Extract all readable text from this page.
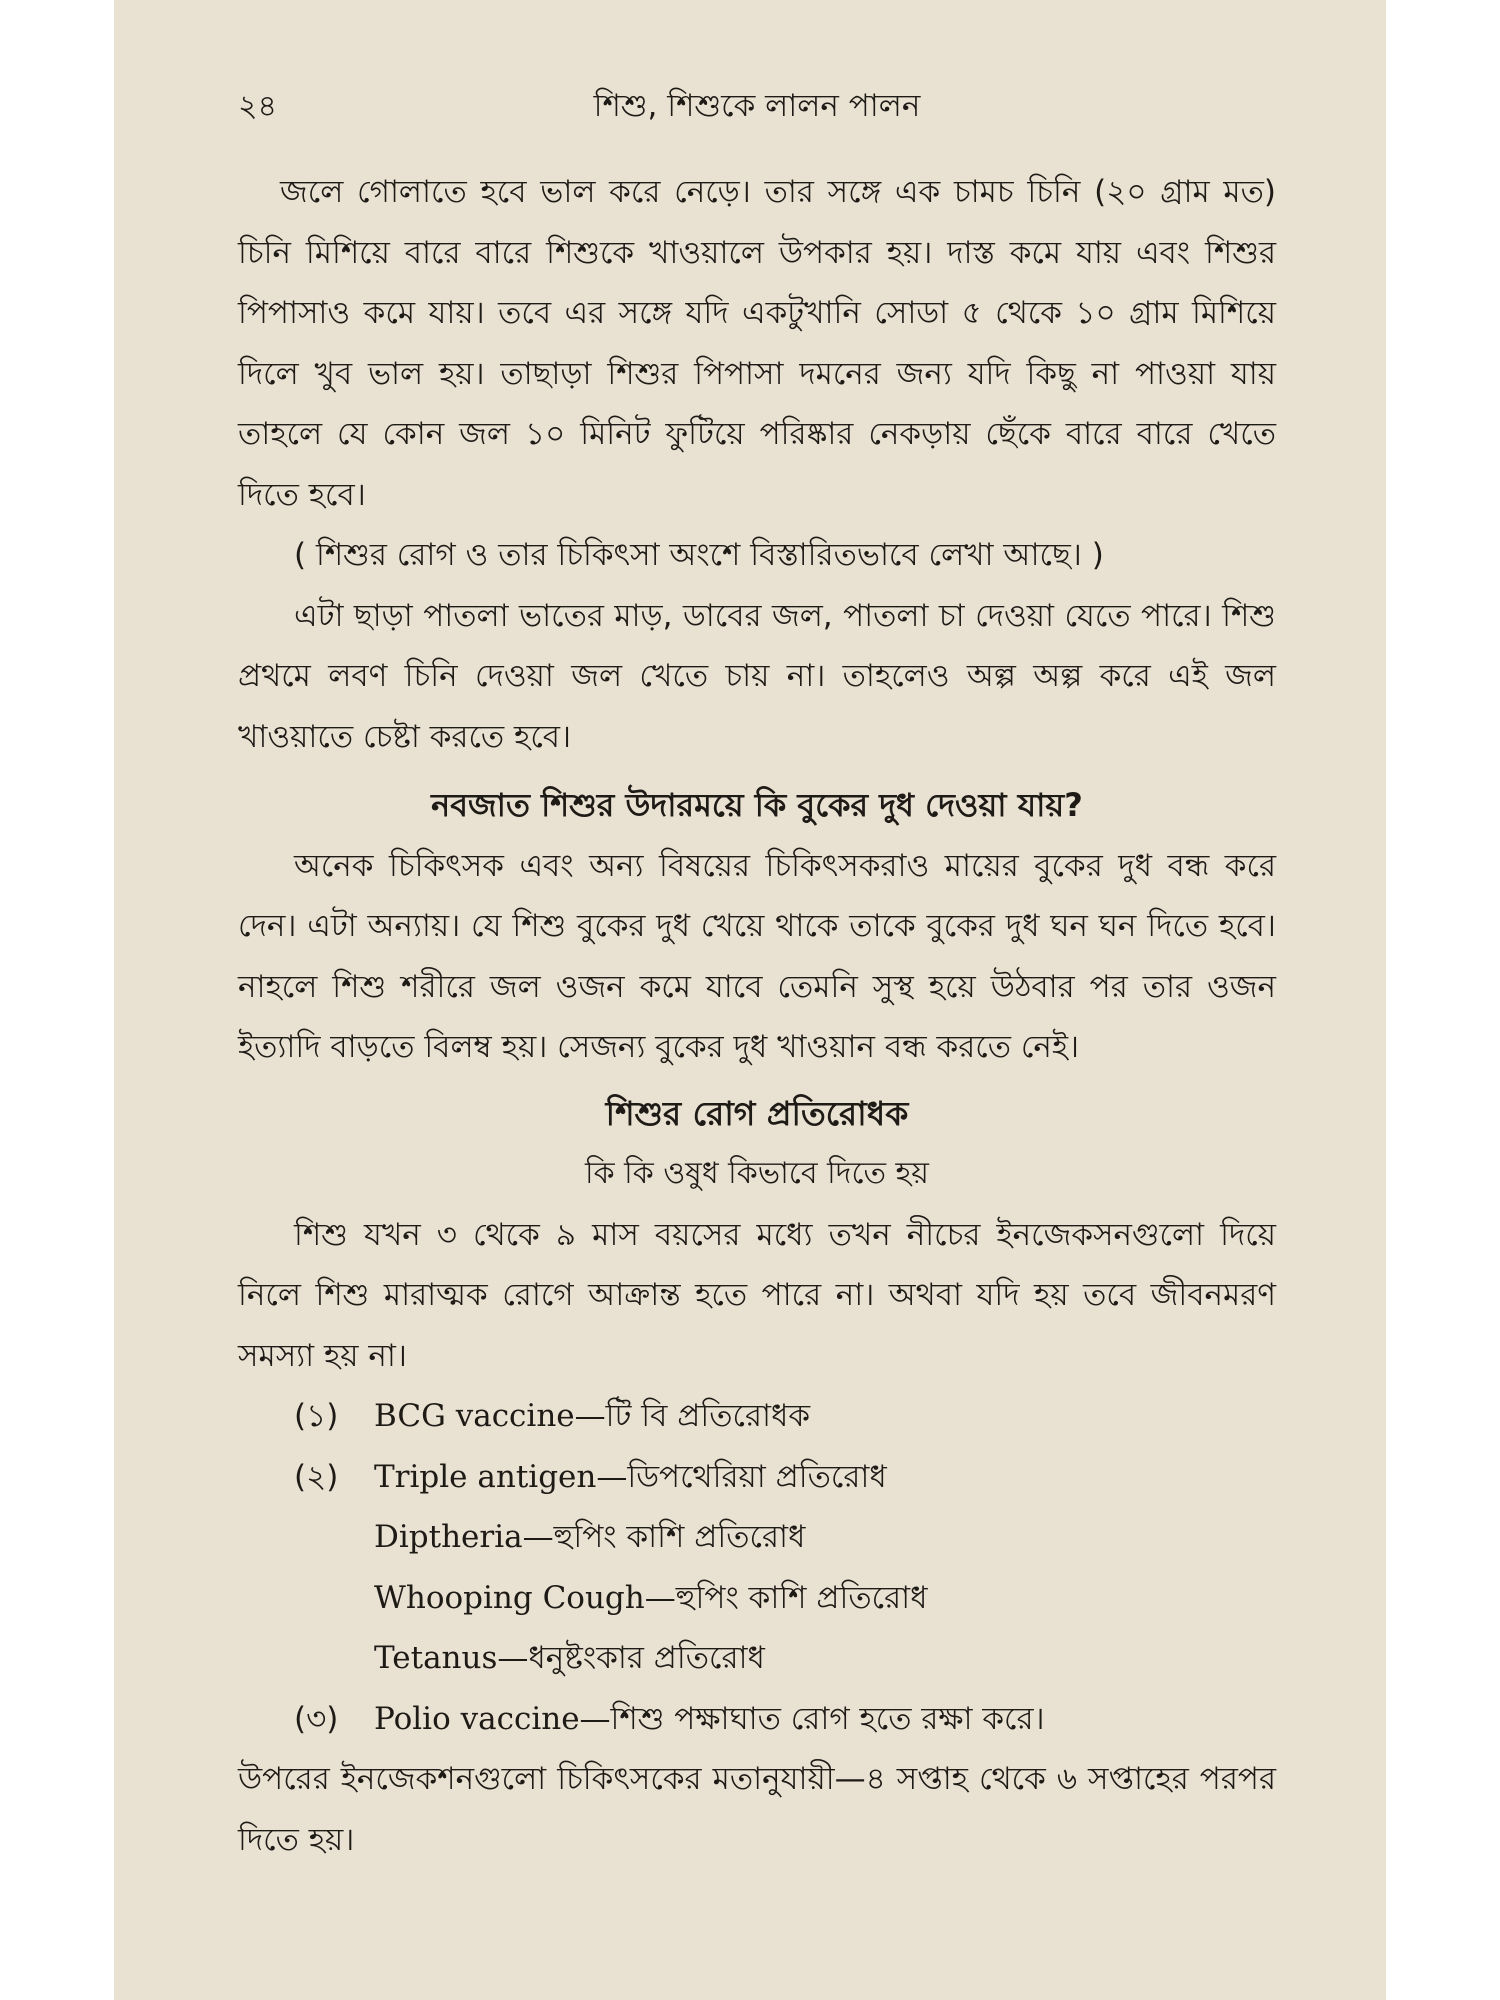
২৪	শিশু, শিশুকে লালন পালন

জলে গোলাতে হবে ভাল করে নেড়ে। তার সঙ্গে এক চামচ চিনি (২০ গ্রাম মত) চিনি মিশিয়ে বারে বারে শিশুকে খাওয়ালে উপকার হয়। দাস্ত কমে যায় এবং শিশুর পিপাসাও কমে যায়। তবে এর সঙ্গে যদি একটুখানি সোডা ৫ থেকে ১০ গ্রাম মিশিয়ে দিলে খুব ভাল হয়। তাছাড়া শিশুর পিপাসা দমনের জন্য যদি কিছু না পাওয়া যায় তাহলে যে কোন জল ১০ মিনিট ফুটিয়ে পরিষ্কার নেকড়ায় ছেঁকে বারে বারে খেতে দিতে হবে।

( শিশুর রোগ ও তার চিকিৎসা অংশে বিস্তারিতভাবে লেখা আছে। )

এটা ছাড়া পাতলা ভাতের মাড়, ডাবের জল, পাতলা চা দেওয়া যেতে পারে। শিশু প্রথমে লবণ চিনি দেওয়া জল খেতে চায় না। তাহলেও অল্প অল্প করে এই জল খাওয়াতে চেষ্টা করতে হবে।

নবজাত শিশুর উদারময়ে কি বুকের দুধ দেওয়া যায়?

অনেক চিকিৎসক এবং অন্য বিষয়ের চিকিৎসকরাও মায়ের বুকের দুধ বন্ধ করে দেন। এটা অন্যায়। যে শিশু বুকের দুধ খেয়ে থাকে তাকে বুকের দুধ ঘন ঘন দিতে হবে। নাহলে শিশু শরীরে জল ওজন কমে যাবে তেমনি সুস্থ হয়ে উঠবার পর তার ওজন ইত্যাদি বাড়তে বিলম্ব হয়। সেজন্য বুকের দুধ খাওয়ান বন্ধ করতে নেই।

শিশুর রোগ প্রতিরোধক

কি কি ওষুধ কিভাবে দিতে হয়

শিশু যখন ৩ থেকে ৯ মাস বয়সের মধ্যে তখন নীচের ইনজেকসনগুলো দিয়ে নিলে শিশু মারাত্মক রোগে আক্রান্ত হতে পারে না। অথবা যদি হয় তবে জীবনমরণ সমস্যা হয় না।

(১) BCG vaccine—টি বি প্রতিরোধক
(২) Triple antigen—ডিপথেরিয়া প্রতিরোধ
Diptheria—হুপিং কাশি প্রতিরোধ
Whooping Cough—হুপিং কাশি প্রতিরোধ
Tetanus—ধনুষ্টংকার প্রতিরোধ
(৩) Polio vaccine—শিশু পক্ষাঘাত রোগ হতে রক্ষা করে।

উপরের ইনজেকশনগুলো চিকিৎসকের মতানুযায়ী—৪ সপ্তাহ থেকে ৬ সপ্তাহের পরপর দিতে হয়।
